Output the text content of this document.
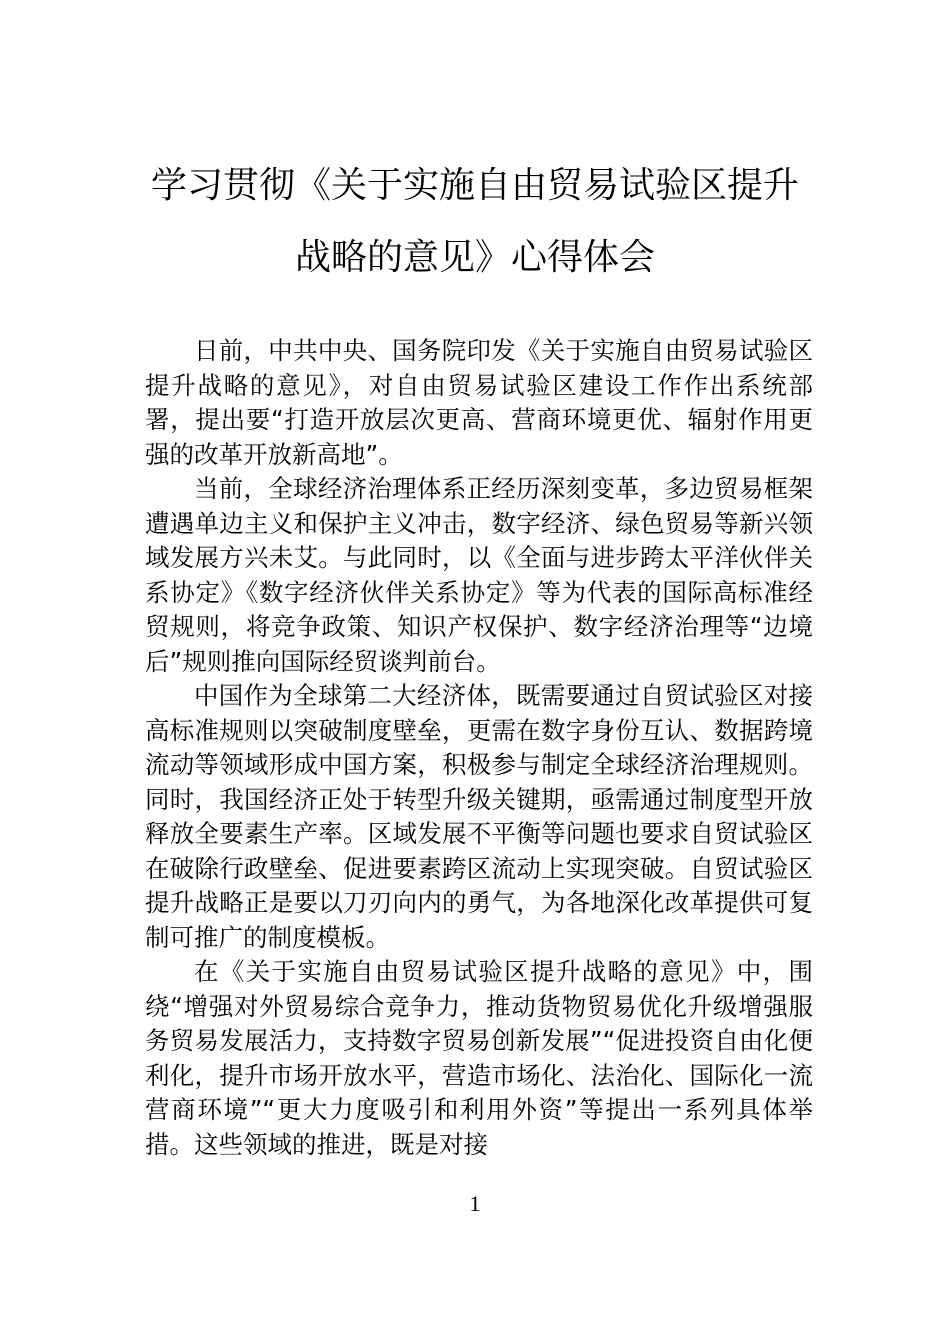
学习贯彻《关于实施自由贸易试验区提升
战略的意见》心得体会

日前，中共中央、国务院印发《关于实施自由贸易试验区提升战略的意见》，对自由贸易试验区建设工作作出系统部署，提出要“打造开放层次更高、营商环境更优、辐射作用更强的改革开放新高地”。

当前，全球经济治理体系正经历深刻变革，多边贸易框架遭遇单边主义和保护主义冲击，数字经济、绿色贸易等新兴领域发展方兴未艾。与此同时，以《全面与进步跨太平洋伙伴关系协定》《数字经济伙伴关系协定》等为代表的国际高标准经贸规则，将竞争政策、知识产权保护、数字经济治理等“边境后”规则推向国际经贸谈判前台。

中国作为全球第二大经济体，既需要通过自贸试验区对接高标准规则以突破制度壁垒，更需在数字身份互认、数据跨境流动等领域形成中国方案，积极参与制定全球经济治理规则。同时，我国经济正处于转型升级关键期，亟需通过制度型开放释放全要素生产率。区域发展不平衡等问题也要求自贸试验区在破除行政壁垒、促进要素跨区流动上实现突破。自贸试验区提升战略正是要以刀刃向内的勇气，为各地深化改革提供可复制可推广的制度模板。

在《关于实施自由贸易试验区提升战略的意见》中，围绕“增强对外贸易综合竞争力，推动货物贸易优化升级增强服务贸易发展活力，支持数字贸易创新发展”“促进投资自由化便利化，提升市场开放水平，营造市场化、法治化、国际化一流营商环境”“更大力度吸引和利用外资”等提出一系列具体举措。这些领域的推进，既是对接

1
